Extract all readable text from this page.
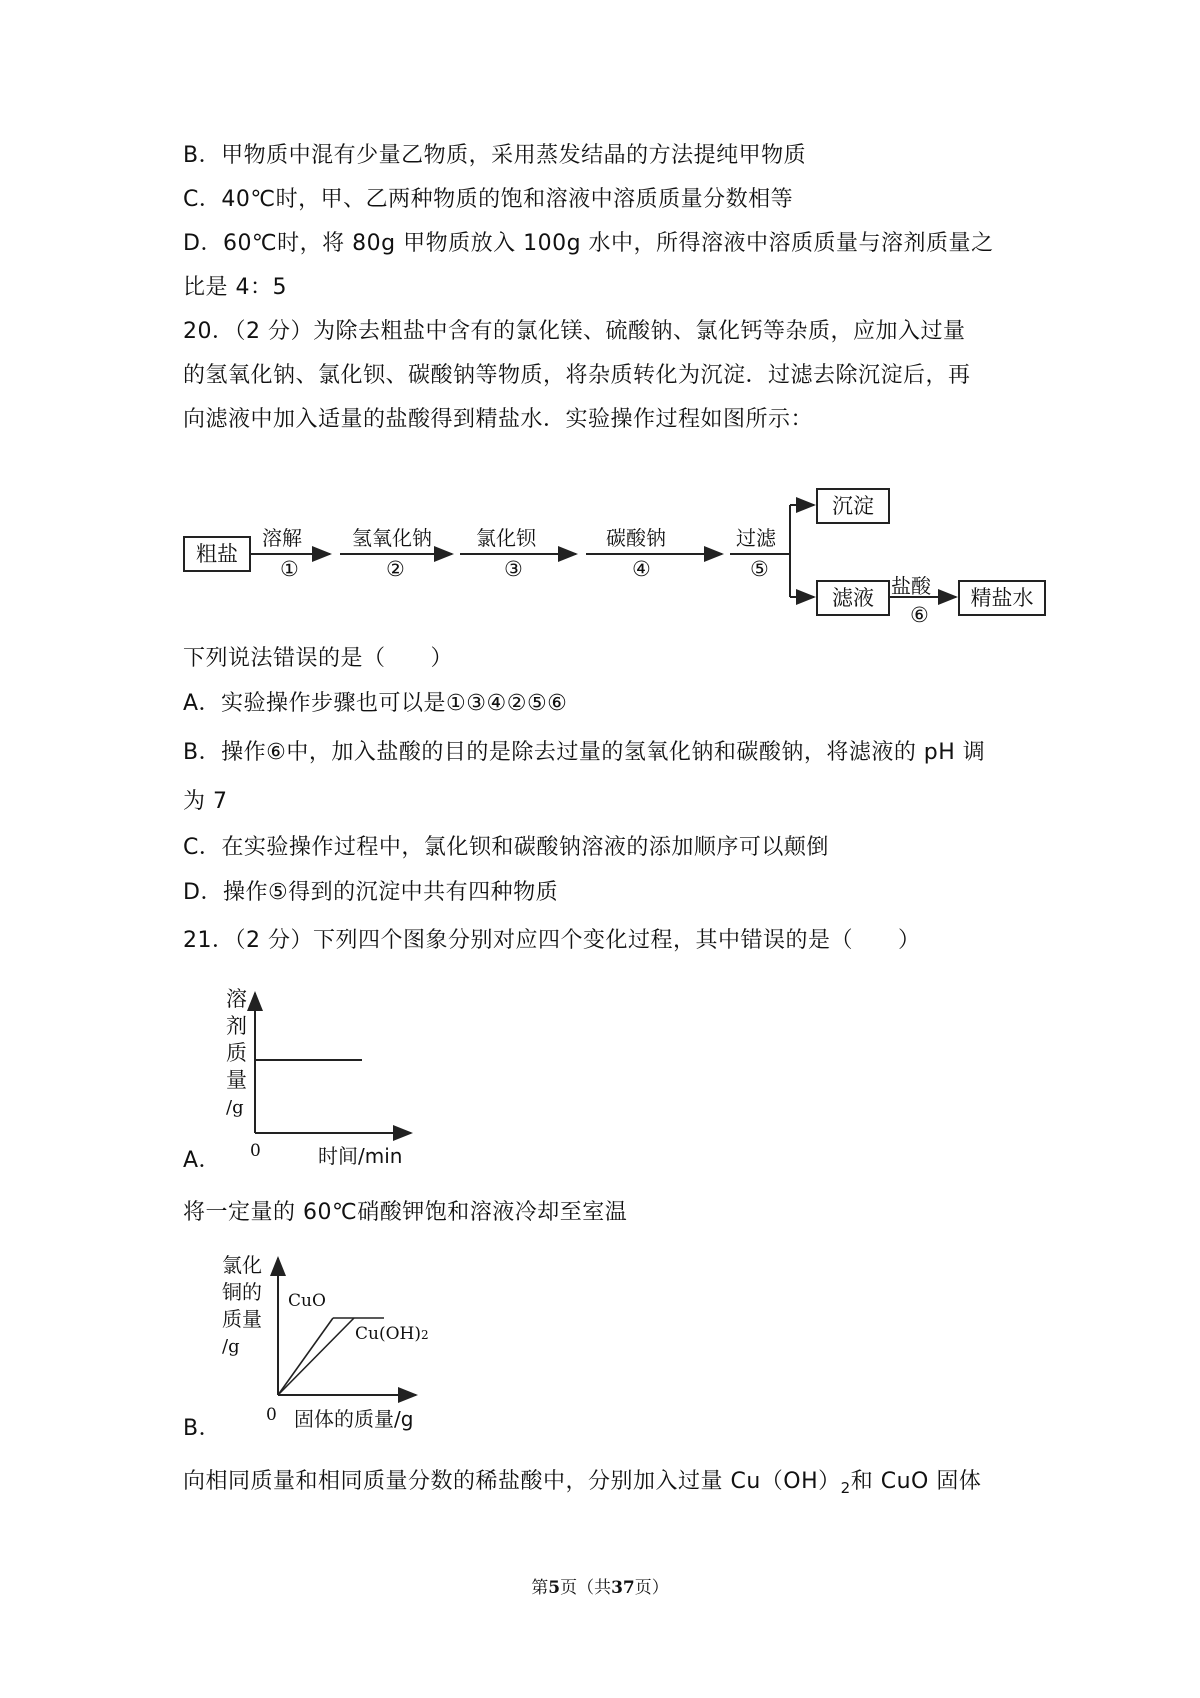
B．甲物质中混有少量乙物质，采用蒸发结晶的方法提纯甲物质
C．40℃时，甲、乙两种物质的饱和溶液中溶质质量分数相等
D．60℃时，将 80g 甲物质放入 100g 水中，所得溶液中溶质质量与溶剂质量之
比是 4：5
20．（2 分）为除去粗盐中含有的氯化镁、硫酸钠、氯化钙等杂质，应加入过量
的氢氧化钠、氯化钡、碳酸钠等物质，将杂质转化为沉淀．过滤去除沉淀后，再
向滤液中加入适量的盐酸得到精盐水．实验操作过程如图所示：
粗盐
溶解
①
氢氧化钠
②
氯化钡
③
碳酸钠
④
过滤
⑤
沉淀
滤液 盐酸
⑥
精盐水
下列说法错误的是（　　）
A．实验操作步骤也可以是①③④②⑤⑥
B．操作⑥中，加入盐酸的目的是除去过量的氢氧化钠和碳酸钠，将滤液的 pH 调
为 7
C．在实验操作过程中，氯化钡和碳酸钠溶液的添加顺序可以颠倒
D．操作⑤得到的沉淀中共有四种物质
21．（2 分）下列四个图象分别对应四个变化过程，其中错误的是（　　）
溶
剂
质
量
/g
0	时间/min
A．
将一定量的 60℃硝酸钾饱和溶液冷却至室温
氯化
铜的
质量
/g
CuO
Cu(OH)2
0 固体的质量/g
B．
向相同质量和相同质量分数的稀盐酸中，分别加入过量 $Cu(OH)_2$和 CuO 固体
第5页（共37页）
